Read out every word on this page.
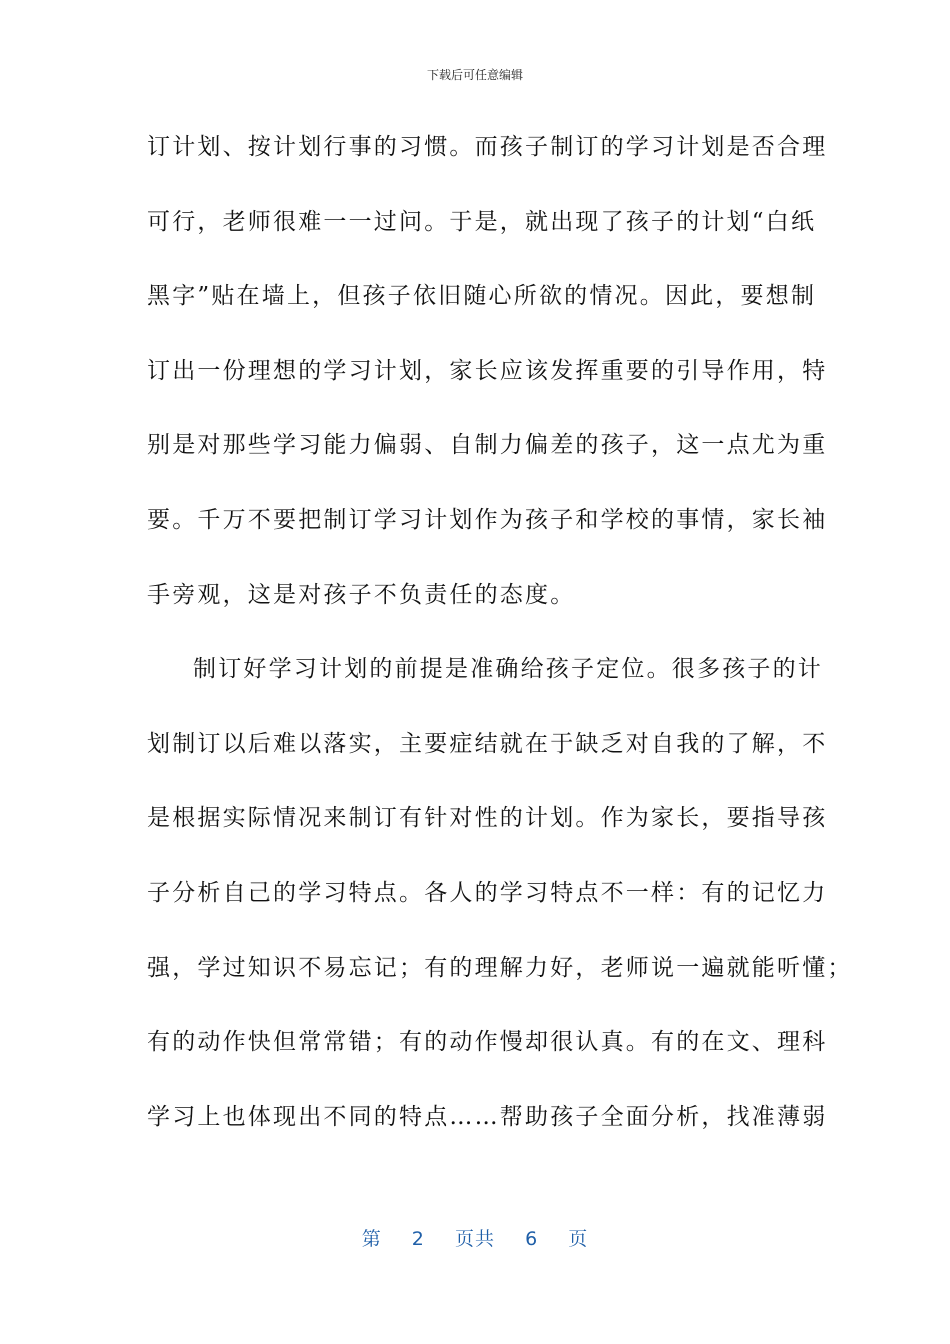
下载后可任意编辑
订计划、按计划行事的习惯。而孩子制订的学习计划是否合理
可行，老师很难一一过问。于是，就出现了孩子的计划“白纸
黑字”贴在墙上，但孩子依旧随心所欲的情况。因此，要想制
订出一份理想的学习计划，家长应该发挥重要的引导作用，特
别是对那些学习能力偏弱、自制力偏差的孩子，这一点尤为重
要。千万不要把制订学习计划作为孩子和学校的事情，家长袖
手旁观，这是对孩子不负责任的态度。
制订好学习计划的前提是准确给孩子定位。很多孩子的计
划制订以后难以落实，主要症结就在于缺乏对自我的了解，不
是根据实际情况来制订有针对性的计划。作为家长，要指导孩
子分析自己的学习特点。各人的学习特点不一样：有的记忆力
强，学过知识不易忘记；有的理解力好，老师说一遍就能听懂；
有的动作快但常常错；有的动作慢却很认真。有的在文、理科
学习上也体现出不同的特点……帮助孩子全面分析，找准薄弱
第 2 页共 6 页
